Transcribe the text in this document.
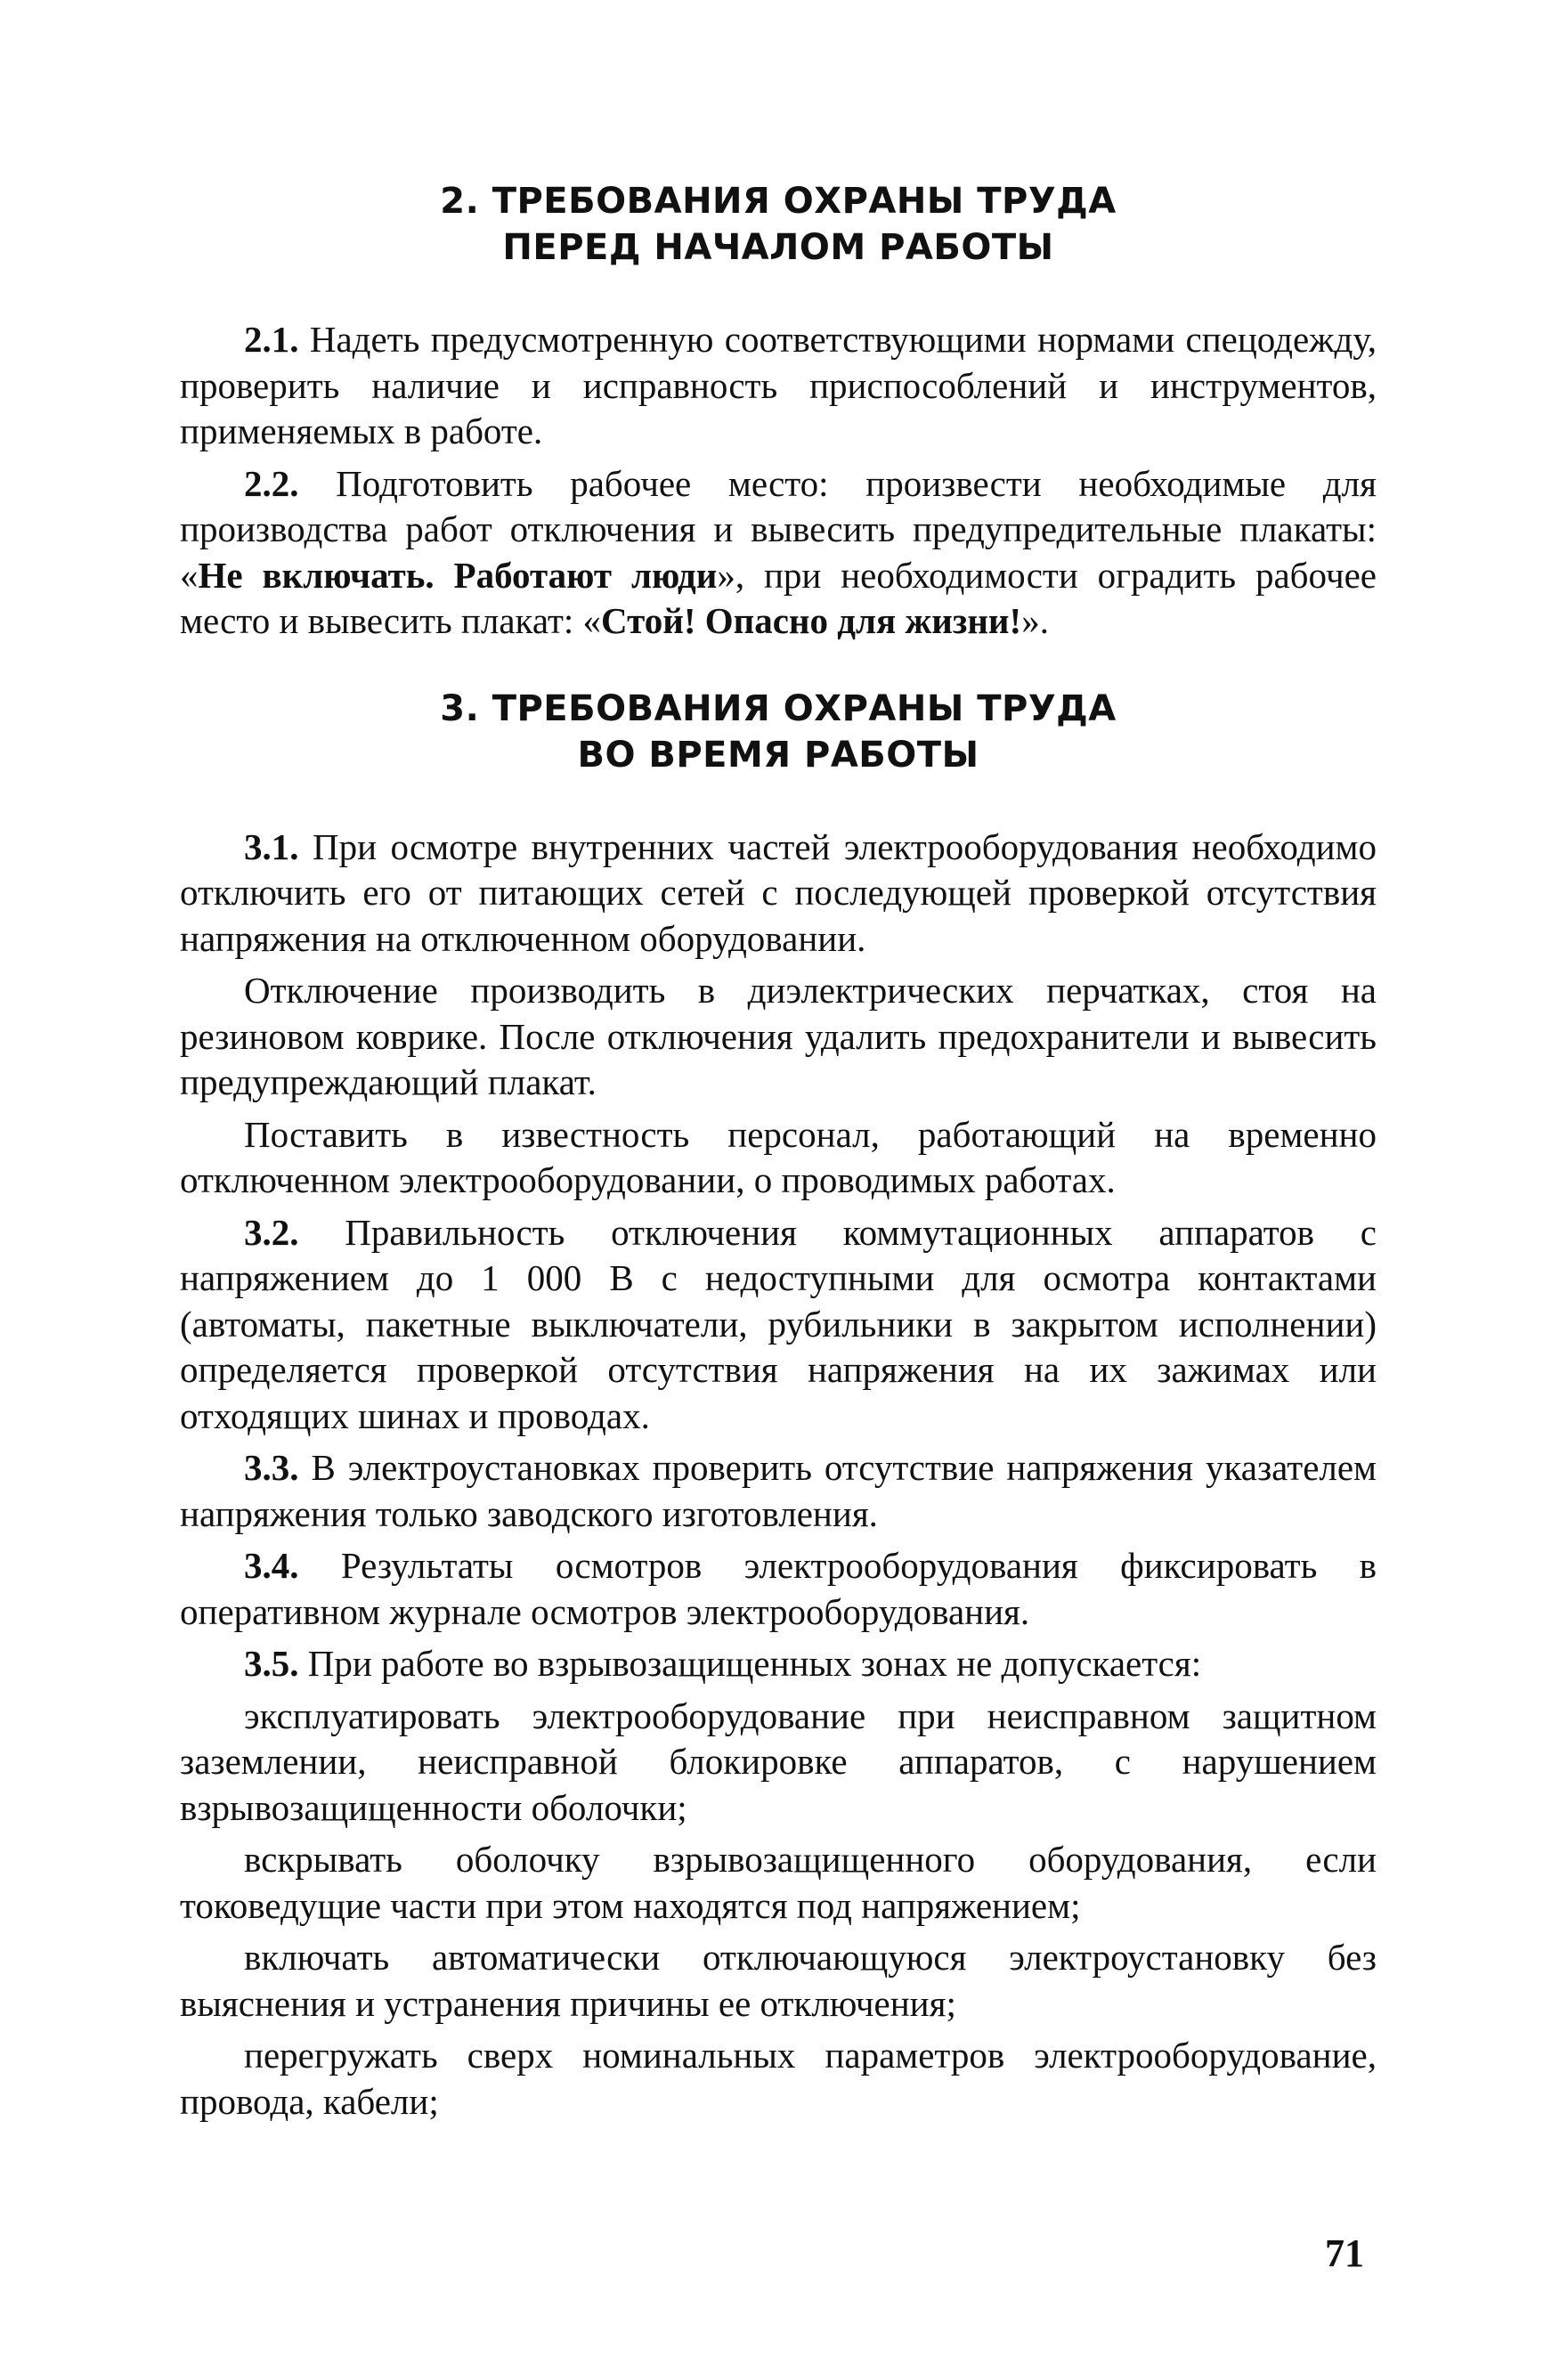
2. ТРЕБОВАНИЯ ОХРАНЫ ТРУДА
ПЕРЕД НАЧАЛОМ РАБОТЫ

2.1. Надеть предусмотренную соответствующими нормами спецодежду, проверить наличие и исправность приспособлений и инструментов, применяемых в работе.

2.2. Подготовить рабочее место: произвести необходимые для производства работ отключения и вывесить предупредительные плакаты: «Не включать. Работают люди», при необходимости оградить рабочее место и вывесить плакат: «Стой! Опасно для жизни!».

3. ТРЕБОВАНИЯ ОХРАНЫ ТРУДА
ВО ВРЕМЯ РАБОТЫ

3.1. При осмотре внутренних частей электрооборудования необходимо отключить его от питающих сетей с последующей проверкой отсутствия напряжения на отключенном оборудовании.

Отключение производить в диэлектрических перчатках, стоя на резиновом коврике. После отключения удалить предохранители и вывесить предупреждающий плакат.

Поставить в известность персонал, работающий на временно отключенном электрооборудовании, о проводимых работах.

3.2. Правильность отключения коммутационных аппаратов с напряжением до 1 000 В с недоступными для осмотра контактами (автоматы, пакетные выключатели, рубильники в закрытом исполнении) определяется проверкой отсутствия напряжения на их зажимах или отходящих шинах и проводах.

3.3. В электроустановках проверить отсутствие напряжения указателем напряжения только заводского изготовления.

3.4. Результаты осмотров электрооборудования фиксировать в оперативном журнале осмотров электрооборудования.

3.5. При работе во взрывозащищенных зонах не допускается:

эксплуатировать электрооборудование при неисправном защитном заземлении, неисправной блокировке аппаратов, с нарушением взрывозащищенности оболочки;

вскрывать оболочку взрывозащищенного оборудования, если токоведущие части при этом находятся под напряжением;

включать автоматически отключающуюся электроустановку без выяснения и устранения причины ее отключения;

перегружать сверх номинальных параметров электрооборудование, провода, кабели;

71
